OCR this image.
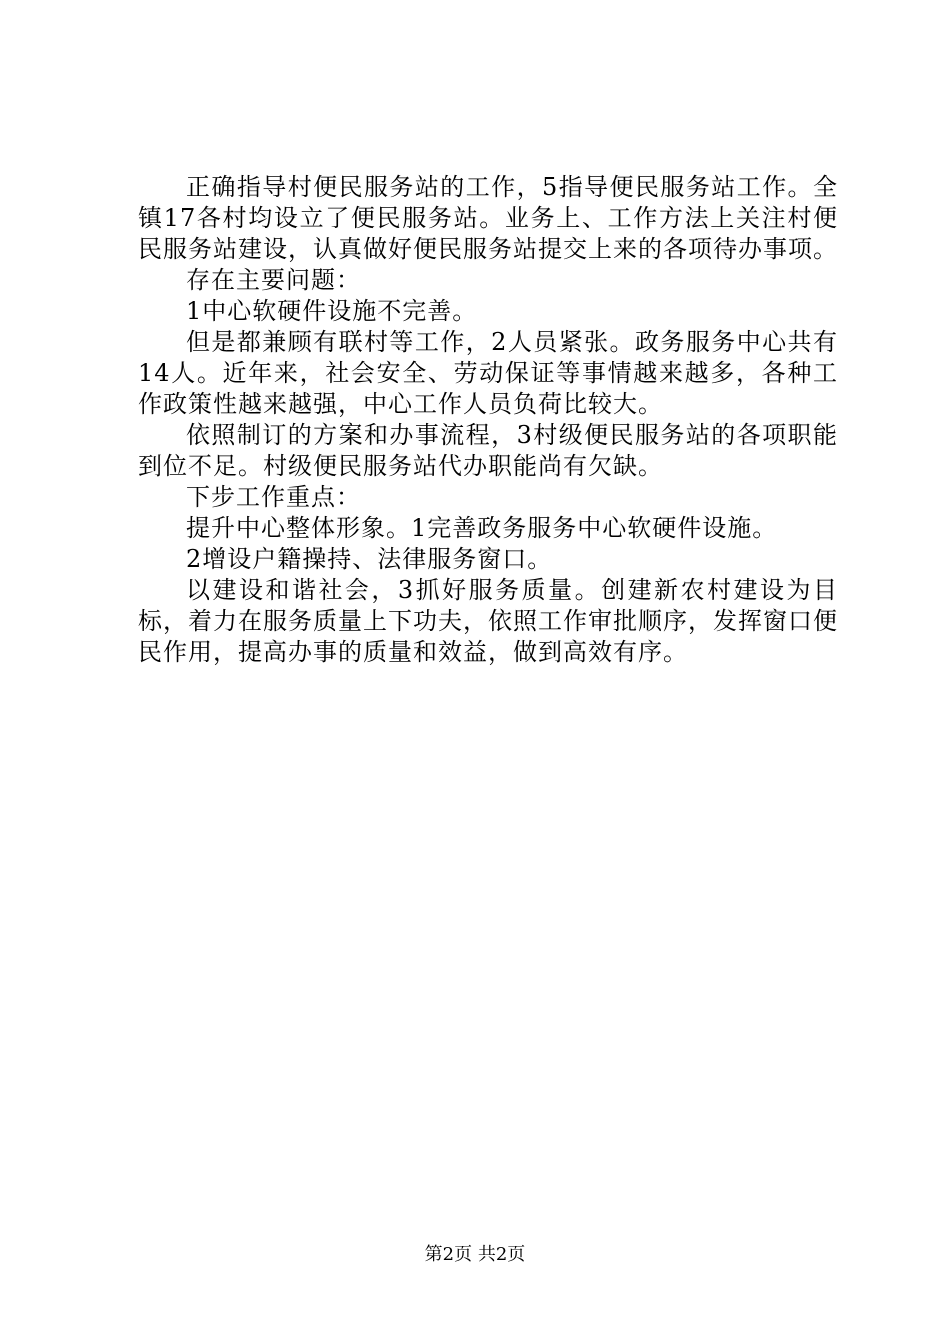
正确指导村便民服务站的工作，5指导便民服务站工作。全镇17各村均设立了便民服务站。业务上、工作方法上关注村便民服务站建设，认真做好便民服务站提交上来的各项待办事项。

存在主要问题：

1中心软硬件设施不完善。

但是都兼顾有联村等工作，2人员紧张。政务服务中心共有14人。近年来，社会安全、劳动保证等事情越来越多，各种工作政策性越来越强，中心工作人员负荷比较大。

依照制订的方案和办事流程，3村级便民服务站的各项职能到位不足。村级便民服务站代办职能尚有欠缺。

下步工作重点：

提升中心整体形象。1完善政务服务中心软硬件设施。

2增设户籍操持、法律服务窗口。

以建设和谐社会，3抓好服务质量。创建新农村建设为目标，着力在服务质量上下功夫，依照工作审批顺序，发挥窗口便民作用，提高办事的质量和效益，做到高效有序。

第2页 共2页
